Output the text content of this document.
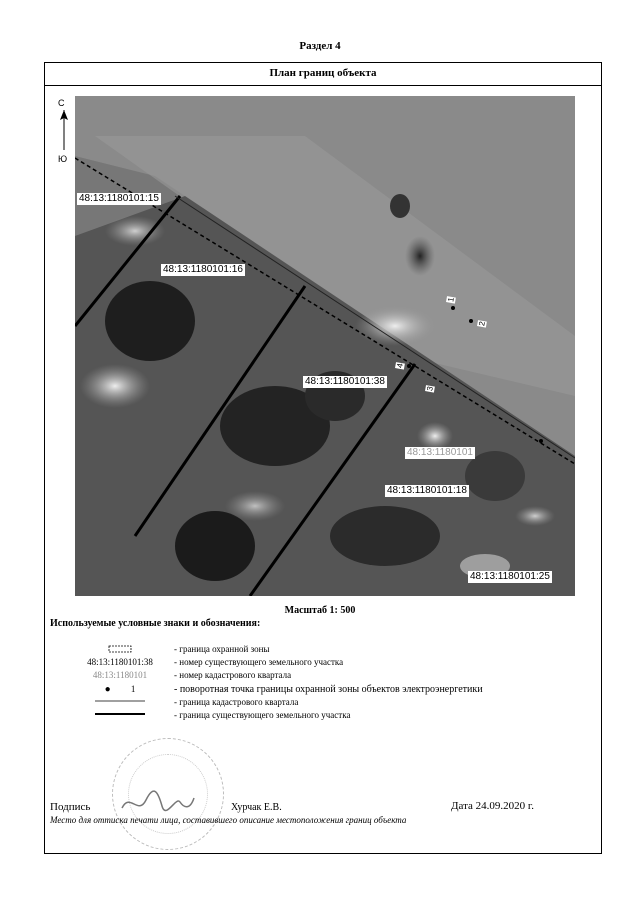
Раздел 4
План границ объекта
С
Ю
48:13:1180101:15
48:13:1180101:16
48:13:1180101:38
48:13:1180101:18
48:13:1180101:25
48:13:1180101
1
2
3
4
Масштаб 1: 500
Используемые условные знаки и обозначения:
- граница охранной зоны
48:13:1180101:38	- номер существующего земельного участка
48:13:1180101	- номер кадастрового квартала
● 1	- поворотная точка границы охранной зоны объектов электроэнергетики
- граница кадастрового квартала
- граница существующего земельного участка
Подпись	Хурчак Е.В.	Дата 24.09.2020 г.
Место для оттиска печати лица, составившего описание местоположения границ объекта
